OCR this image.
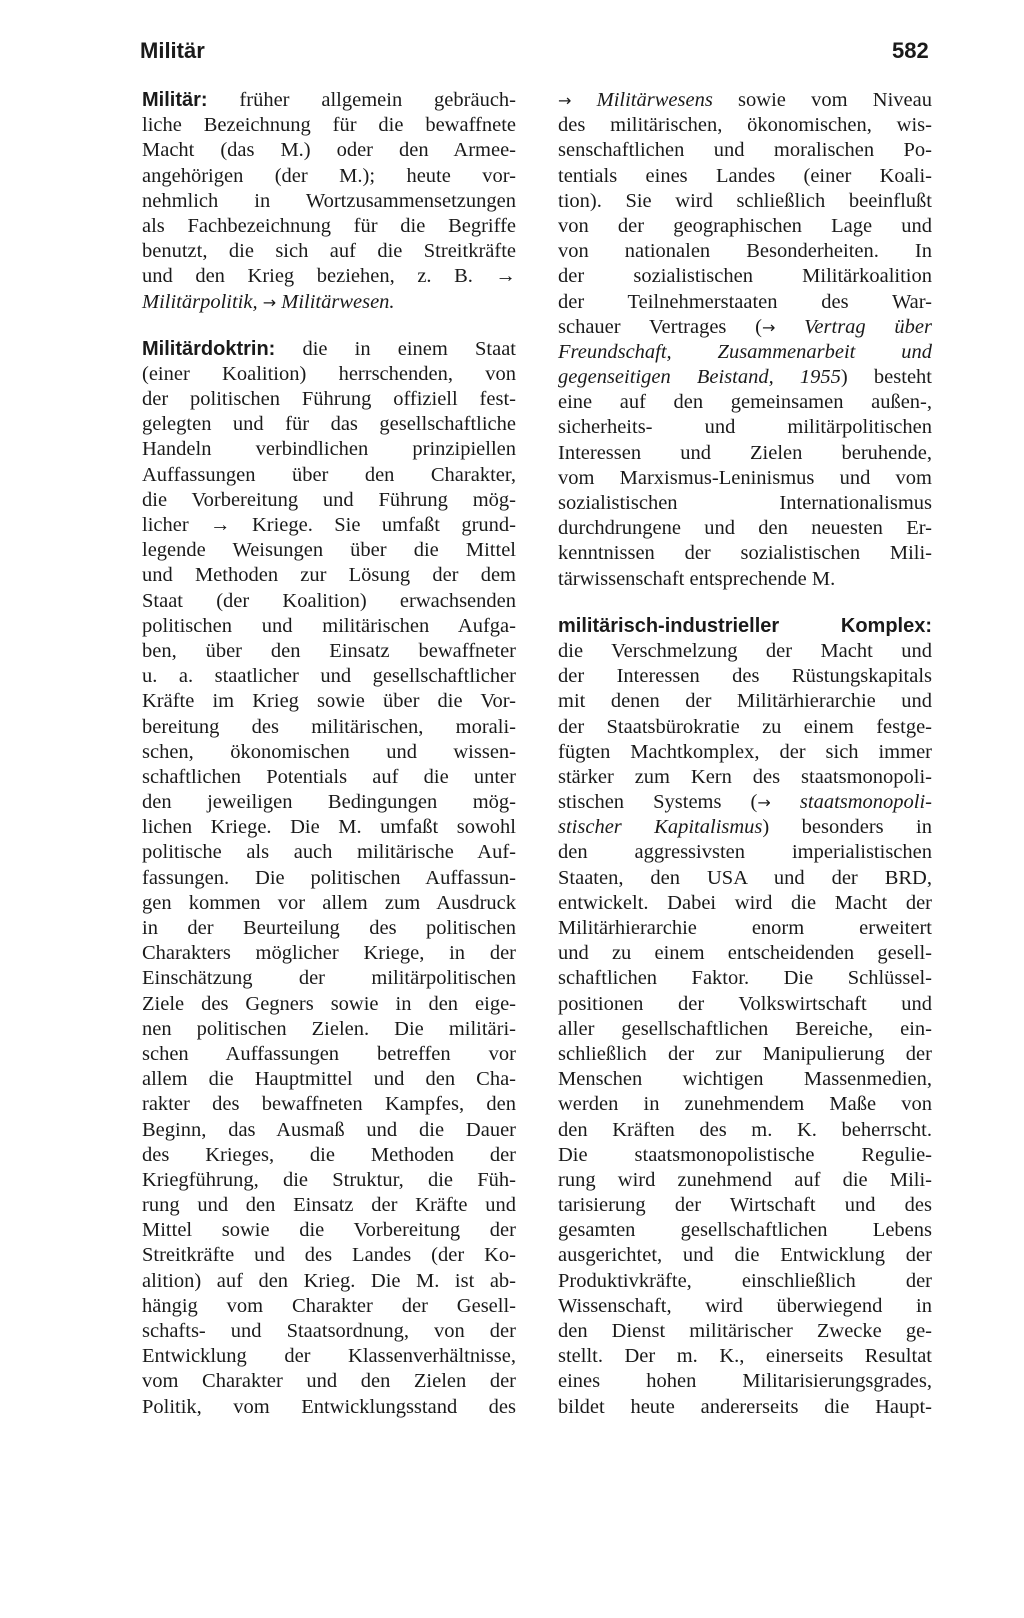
Militär	582
Militär: früher allgemein gebräuch-
liche Bezeichnung für die bewaffnete
Macht (das M.) oder den Armee-
angehörigen (der M.); heute vor-
nehmlich in Wortzusammensetzungen
als Fachbezeichnung für die Begriffe
benutzt, die sich auf die Streitkräfte
und den Krieg beziehen, z. B. →
Militärpolitik, → Militärwesen.
Militärdoktrin: die in einem Staat
(einer Koalition) herrschenden, von
der politischen Führung offiziell fest-
gelegten und für das gesellschaftliche
Handeln verbindlichen prinzipiellen
Auffassungen über den Charakter,
die Vorbereitung und Führung mög-
licher → Kriege. Sie umfaßt grund-
legende Weisungen über die Mittel
und Methoden zur Lösung der dem
Staat (der Koalition) erwachsenden
politischen und militärischen Aufga-
ben, über den Einsatz bewaffneter
u. a. staatlicher und gesellschaftlicher
Kräfte im Krieg sowie über die Vor-
bereitung des militärischen, morali-
schen, ökonomischen und wissen-
schaftlichen Potentials auf die unter
den jeweiligen Bedingungen mög-
lichen Kriege. Die M. umfaßt sowohl
politische als auch militärische Auf-
fassungen. Die politischen Auffassun-
gen kommen vor allem zum Ausdruck
in der Beurteilung des politischen
Charakters möglicher Kriege, in der
Einschätzung der militärpolitischen
Ziele des Gegners sowie in den eige-
nen politischen Zielen. Die militäri-
schen Auffassungen betreffen vor
allem die Hauptmittel und den Cha-
rakter des bewaffneten Kampfes, den
Beginn, das Ausmaß und die Dauer
des Krieges, die Methoden der
Kriegführung, die Struktur, die Füh-
rung und den Einsatz der Kräfte und
Mittel sowie die Vorbereitung der
Streitkräfte und des Landes (der Ko-
alition) auf den Krieg. Die M. ist ab-
hängig vom Charakter der Gesell-
schafts- und Staatsordnung, von der
Entwicklung der Klassenverhältnisse,
vom Charakter und den Zielen der
Politik, vom Entwicklungsstand des
→ Militärwesens sowie vom Niveau
des militärischen, ökonomischen, wis-
senschaftlichen und moralischen Po-
tentials eines Landes (einer Koali-
tion). Sie wird schließlich beeinflußt
von der geographischen Lage und
von nationalen Besonderheiten. In
der sozialistischen Militärkoalition
der Teilnehmerstaaten des War-
schauer Vertrages (→ Vertrag über
Freundschaft, Zusammenarbeit und
gegenseitigen Beistand, 1955) besteht
eine auf den gemeinsamen außen-,
sicherheits- und militärpolitischen
Interessen und Zielen beruhende,
vom Marxismus-Leninismus und vom
sozialistischen Internationalismus
durchdrungene und den neuesten Er-
kenntnissen der sozialistischen Mili-
tärwissenschaft entsprechende M.
militärisch-industrieller Komplex:
die Verschmelzung der Macht und
der Interessen des Rüstungskapitals
mit denen der Militärhierarchie und
der Staatsbürokratie zu einem festge-
fügten Machtkomplex, der sich immer
stärker zum Kern des staatsmonopoli-
stischen Systems (→ staatsmonopoli-
stischer Kapitalismus) besonders in
den aggressivsten imperialistischen
Staaten, den USA und der BRD,
entwickelt. Dabei wird die Macht der
Militärhierarchie enorm erweitert
und zu einem entscheidenden gesell-
schaftlichen Faktor. Die Schlüssel-
positionen der Volkswirtschaft und
aller gesellschaftlichen Bereiche, ein-
schließlich der zur Manipulierung der
Menschen wichtigen Massenmedien,
werden in zunehmendem Maße von
den Kräften des m. K. beherrscht.
Die staatsmonopolistische Regulie-
rung wird zunehmend auf die Mili-
tarisierung der Wirtschaft und des
gesamten gesellschaftlichen Lebens
ausgerichtet, und die Entwicklung der
Produktivkräfte, einschließlich der
Wissenschaft, wird überwiegend in
den Dienst militärischer Zwecke ge-
stellt. Der m. K., einerseits Resultat
eines hohen Militarisierungsgrades,
bildet heute andererseits die Haupt-
